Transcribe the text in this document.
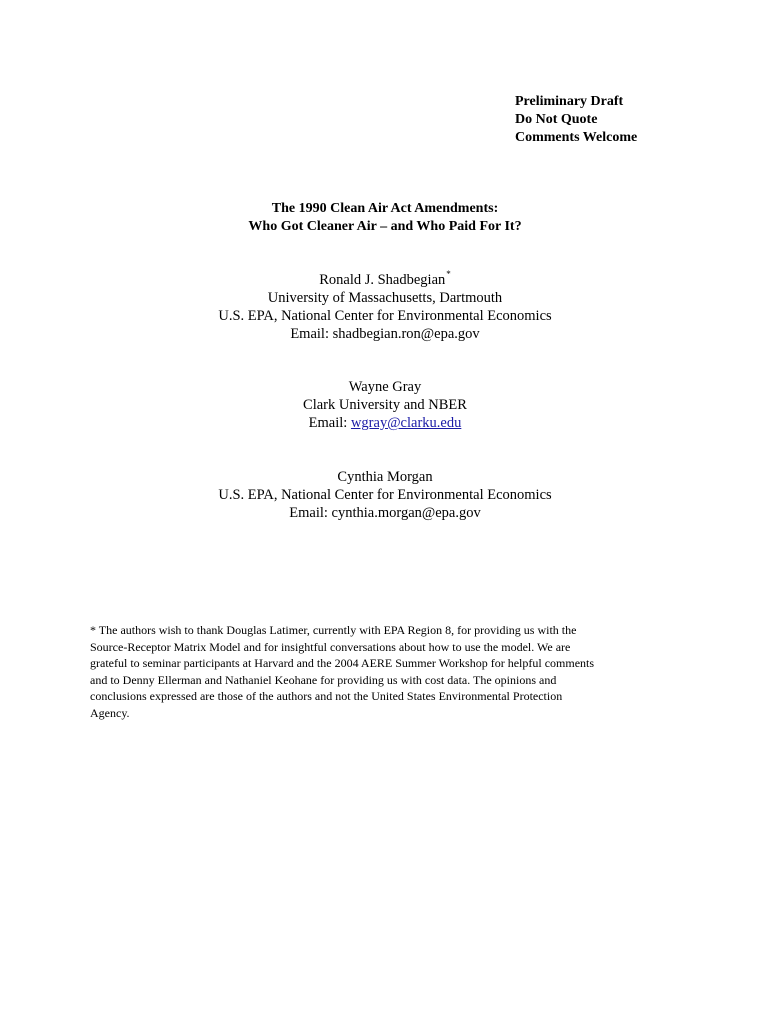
Preliminary Draft
Do Not Quote
Comments Welcome
The 1990 Clean Air Act Amendments:
Who Got Cleaner Air – and Who Paid For It?
Ronald J. Shadbegian*
University of Massachusetts, Dartmouth
U.S. EPA, National Center for Environmental Economics
Email: shadbegian.ron@epa.gov
Wayne Gray
Clark University and NBER
Email: wgray@clarku.edu
Cynthia Morgan
U.S. EPA, National Center for Environmental Economics
Email: cynthia.morgan@epa.gov
* The authors wish to thank Douglas Latimer, currently with EPA Region 8, for providing us with the
Source-Receptor Matrix Model and for insightful conversations about how to use the model. We are
grateful to seminar participants at Harvard and the 2004 AERE Summer Workshop for helpful comments
and to Denny Ellerman and Nathaniel Keohane for providing us with cost data. The opinions and
conclusions expressed are those of the authors and not the United States Environmental Protection
Agency.
